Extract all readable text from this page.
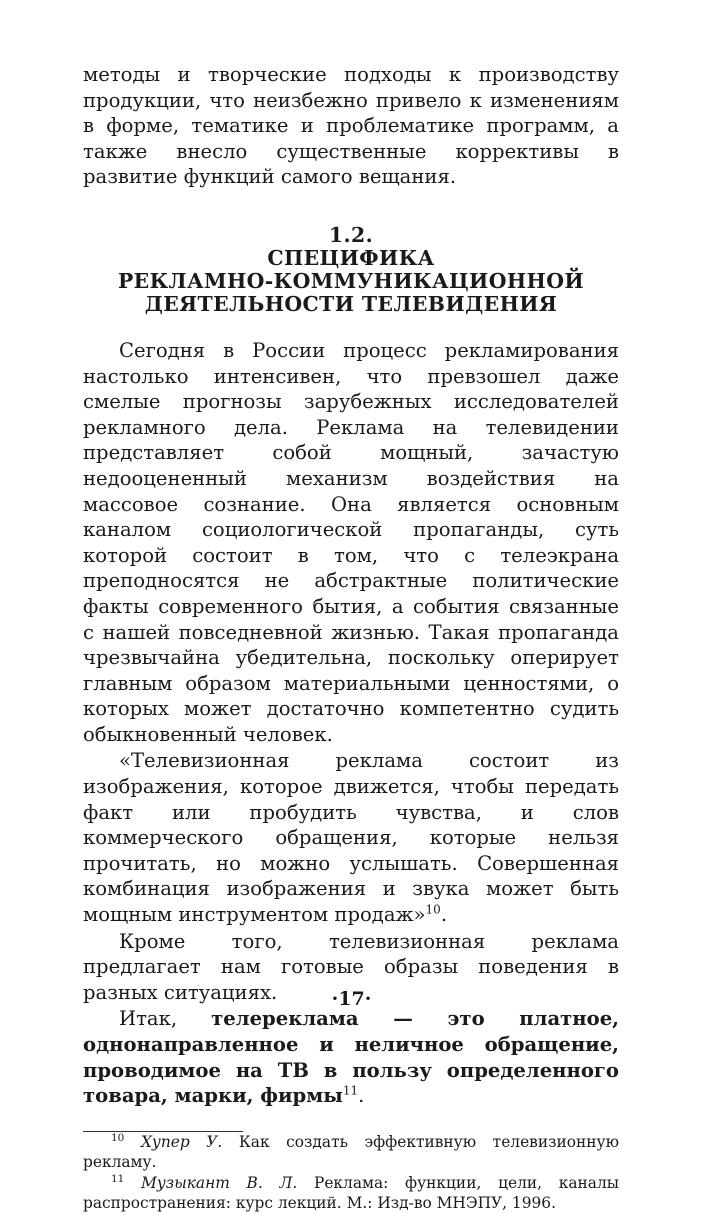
методы и творческие подходы к производству продукции, что неизбежно привело к изменениям в форме, тематике и проблематике программ, а также внесло существенные коррективы в развитие функций самого вещания.

1.2.
СПЕЦИФИКА
РЕКЛАМНО-КОММУНИКАЦИОННОЙ
ДЕЯТЕЛЬНОСТИ ТЕЛЕВИДЕНИЯ

Сегодня в России процесс рекламирования настолько интенсивен, что превзошел даже смелые прогнозы зарубежных исследователей рекламного дела. Реклама на телевидении представляет собой мощный, зачастую недооцененный механизм воздействия на массовое сознание. Она является основным каналом социологической пропаганды, суть которой состоит в том, что с телеэкрана преподносятся не абстрактные политические факты современного бытия, а события связанные с нашей повседневной жизнью. Такая пропаганда чрезвычайна убедительна, поскольку оперирует главным образом материальными ценностями, о которых может достаточно компетентно судить обыкновенный человек.

«Телевизионная реклама состоит из изображения, которое движется, чтобы передать факт или пробудить чувства, и слов коммерческого обращения, которые нельзя прочитать, но можно услышать. Совершенная комбинация изображения и звука может быть мощным инструментом продаж»$^{10}$.

Кроме того, телевизионная реклама предлагает нам готовые образы поведения в разных ситуациях.

Итак, телереклама — это платное, однонаправленное и неличное обращение, проводимое на ТВ в пользу определенного товара, марки, фирмы$^{11}$.

$^{10}$ Хупер У. Как создать эффективную телевизионную рекламу.

$^{11}$ Музыкант В. Л. Реклама: функции, цели, каналы распространения: курс лекций. М.: Изд-во МНЭПУ, 1996.

·17·
